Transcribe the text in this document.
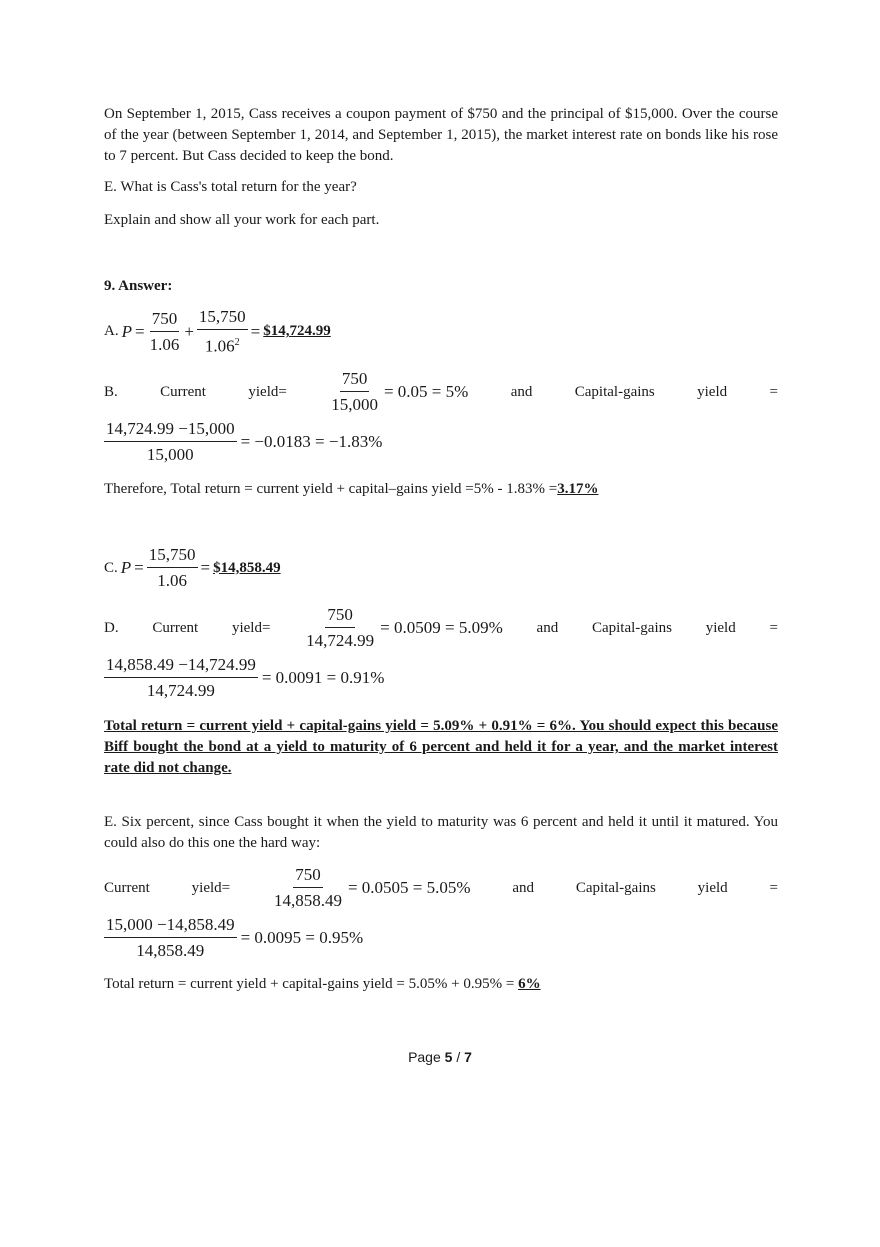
On September 1, 2015, Cass receives a coupon payment of $750 and the principal of $15,000. Over the course of the year (between September 1, 2014, and September 1, 2015), the market interest rate on bonds like his rose to 7 percent. But Cass decided to keep the bond.
E. What is Cass's total return for the year?
Explain and show all your work for each part.
9. Answer:
A. $P = \frac{750}{1.06} + \frac{15,750}{1.06^2}$ = $14,724.99
B.	Current	yield= $\frac{750}{15,000} = 0.05 = 5\%$	and	Capital-gains	yield	=
$\frac{14,724.99 -15,000}{15,000} = -0.0183 = -1.83\%$
Therefore, Total return = current yield + capital–gains yield =5% - 1.83% =3.17%
C. $P = \frac{15,750}{1.06}$ = $14,858.49
D. Current yield= $\frac{750}{14,724.99} = 0.0509 = 5.09\%$ and Capital-gains yield =
$\frac{14,858.49 -14,724.99}{14,724.99} = 0.0091 = 0.91\%$
Total return = current yield + capital-gains yield = 5.09% + 0.91% = 6%. You should expect this because Biff bought the bond at a yield to maturity of 6 percent and held it for a year, and the market interest rate did not change.
E. Six percent, since Cass bought it when the yield to maturity was 6 percent and held it until it matured. You could also do this one the hard way:
Current	yield= $\frac{750}{14,858.49} = 0.0505 = 5.05\%$	and	Capital-gains	yield	=
$\frac{15,000 -14,858.49}{14,858.49} = 0.0095 = 0.95\%$
Total return = current yield + capital-gains yield = 5.05% + 0.95% = 6%
Page 5 / 7
